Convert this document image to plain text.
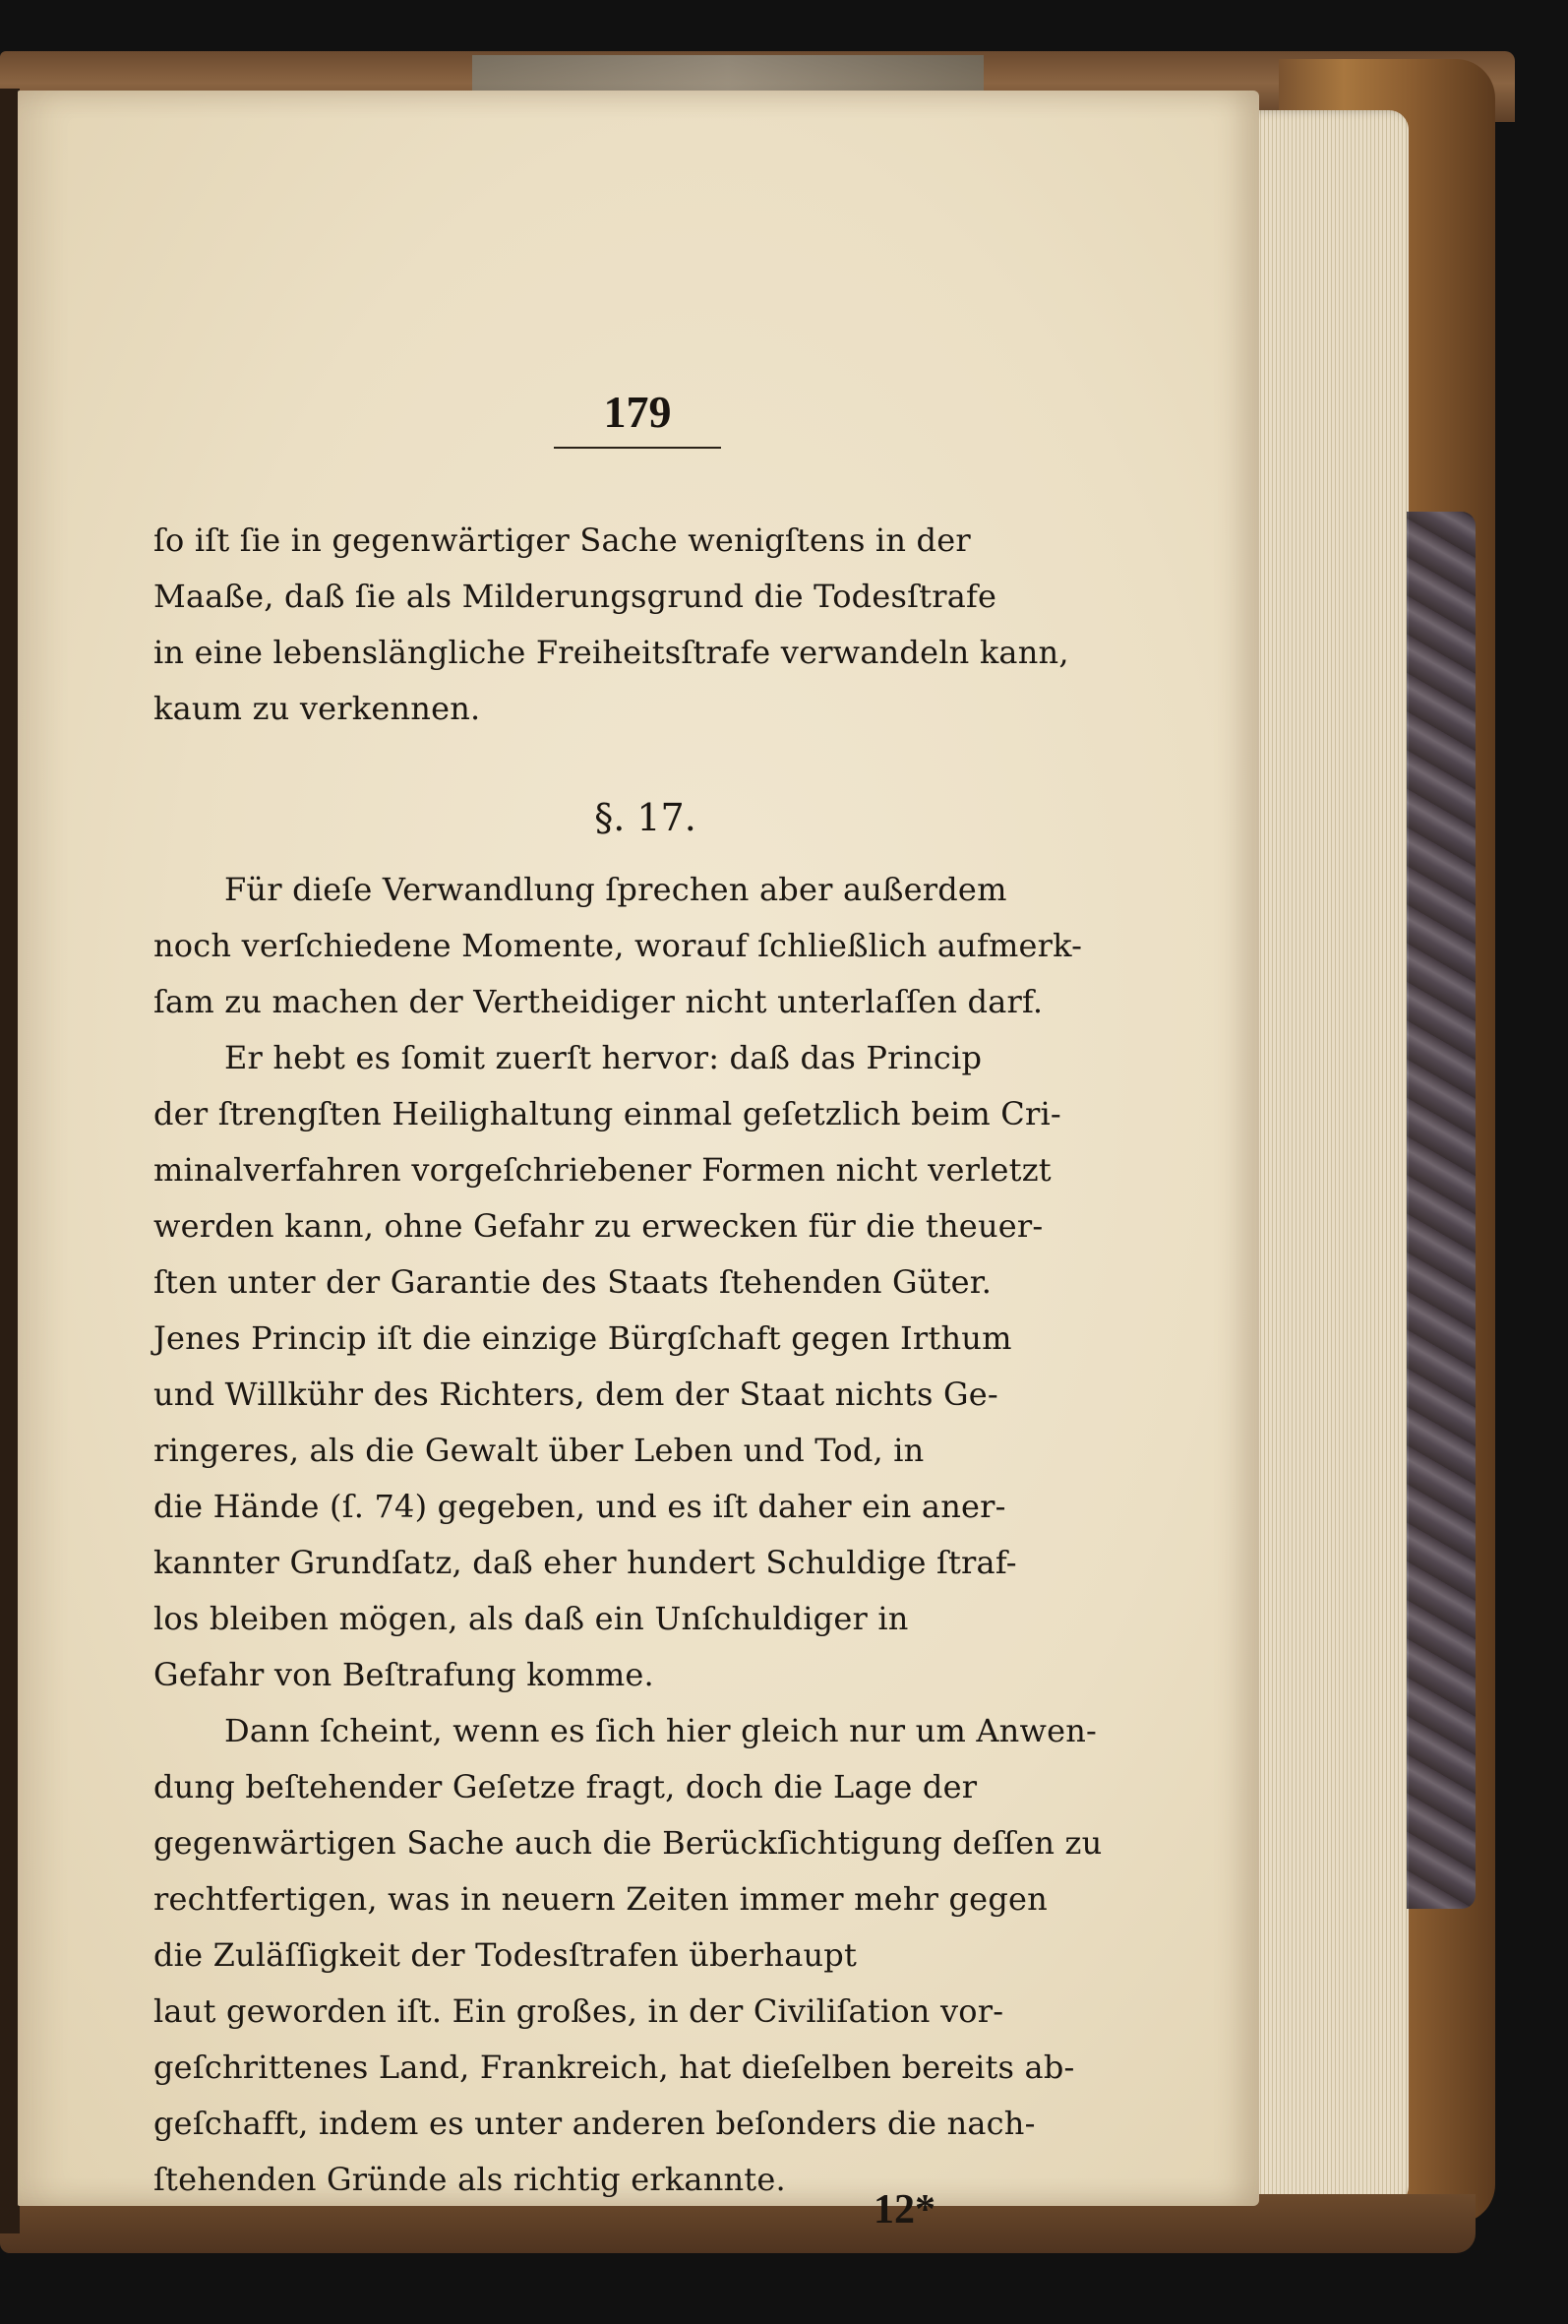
179
ſo iſt ſie in gegenwärtiger Sache wenigſtens in der
Maaße, daß ſie als Milderungsgrund die Todesſtrafe
in eine lebenslängliche Freiheitsſtrafe verwandeln kann,
kaum zu verkennen.
§. 17.
Für dieſe Verwandlung ſprechen aber außerdem
noch verſchiedene Momente, worauf ſchließlich aufmerk-
ſam zu machen der Vertheidiger nicht unterlaſſen darf.
Er hebt es ſomit zuerſt hervor: daß das Princip
der ſtrengſten Heilighaltung einmal geſetzlich beim Cri-
minalverfahren vorgeſchriebener Formen nicht verletzt
werden kann, ohne Gefahr zu erwecken für die theuer-
ſten unter der Garantie des Staats ſtehenden Güter.
Jenes Princip iſt die einzige Bürgſchaft gegen Irthum
und Willkühr des Richters, dem der Staat nichts Ge-
ringeres, als die Gewalt über Leben und Tod, in
die Hände (ſ. 74) gegeben, und es iſt daher ein aner-
kannter Grundſatz, daß eher hundert Schuldige ſtraf-
los bleiben mögen, als daß ein Unſchuldiger in
Gefahr von Beſtrafung komme.
Dann ſcheint, wenn es ſich hier gleich nur um Anwen-
dung beſtehender Geſetze fragt, doch die Lage der
gegenwärtigen Sache auch die Berückſichtigung deſſen zu
rechtfertigen, was in neuern Zeiten immer mehr gegen
die Zuläſſigkeit der Todesſtrafen überhaupt
laut geworden iſt. Ein großes, in der Civiliſation vor-
geſchrittenes Land, Frankreich, hat dieſelben bereits ab-
geſchafft, indem es unter anderen beſonders die nach-
ſtehenden Gründe als richtig erkannte.
12*
